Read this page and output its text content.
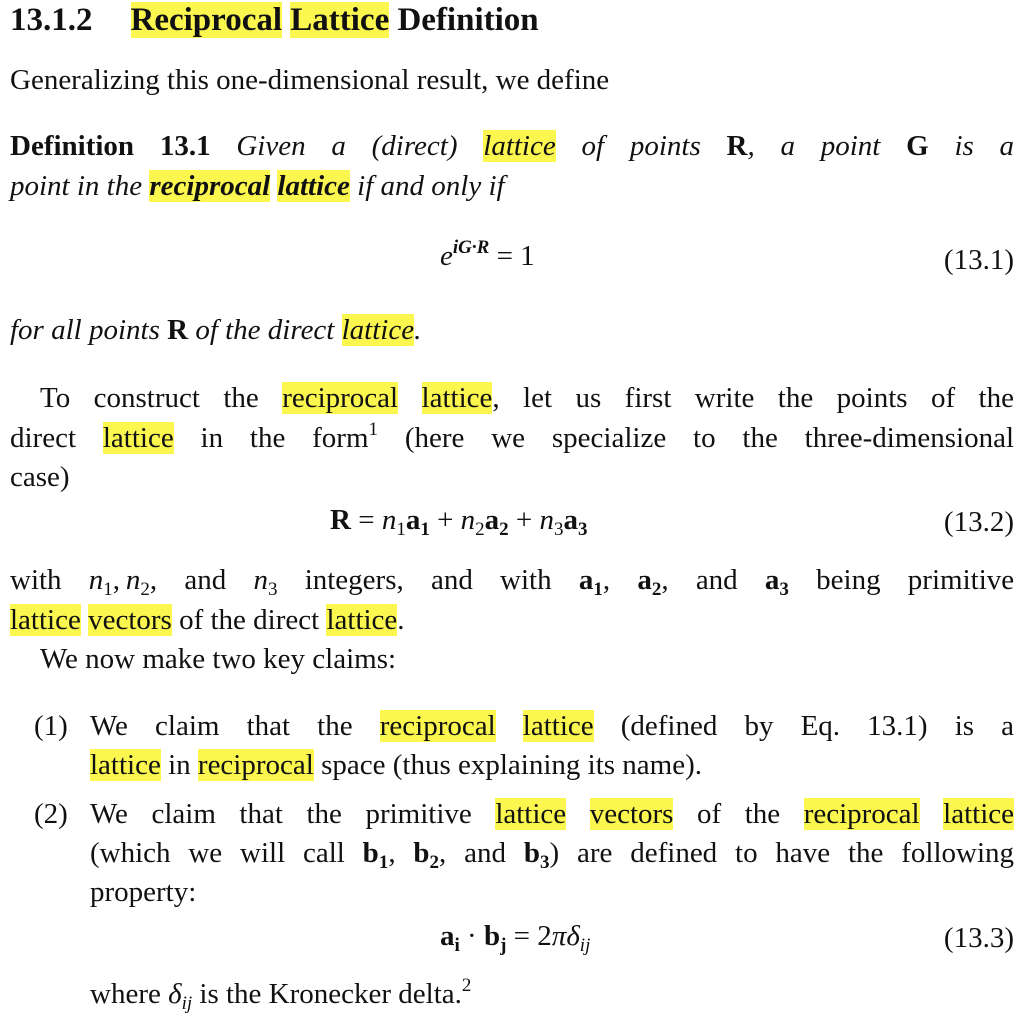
13.1.2 Reciprocal Lattice Definition
Generalizing this one-dimensional result, we define
Definition 13.1 Given a (direct) lattice of points R, a point G is a
point in the reciprocal lattice if and only if
$e^{iG\cdot R} = 1$	(13.1)
for all points R of the direct lattice.
To construct the reciprocal lattice, let us first write the points of the
direct lattice in the form$^1$ (here we specialize to the three-dimensional
case)
$R = n_1a_1 + n_2a_2 + n_3a_3$	(13.2)
with $n_1$, $n_2$, and $n_3$ integers, and with $a_1$, $a_2$, and $a_3$ being primitive
lattice vectors of the direct lattice.
We now make two key claims:
(1) We claim that the reciprocal lattice (defined by Eq. 13.1) is a
lattice in reciprocal space (thus explaining its name).
(2) We claim that the primitive lattice vectors of the reciprocal lattice
(which we will call $b_1$, $b_2$, and $b_3$) are defined to have the following
property:
$a_i \cdot b_j = 2\pi\delta_{ij}$	(13.3)
where $\delta_{ij}$ is the Kronecker delta.$^2$
